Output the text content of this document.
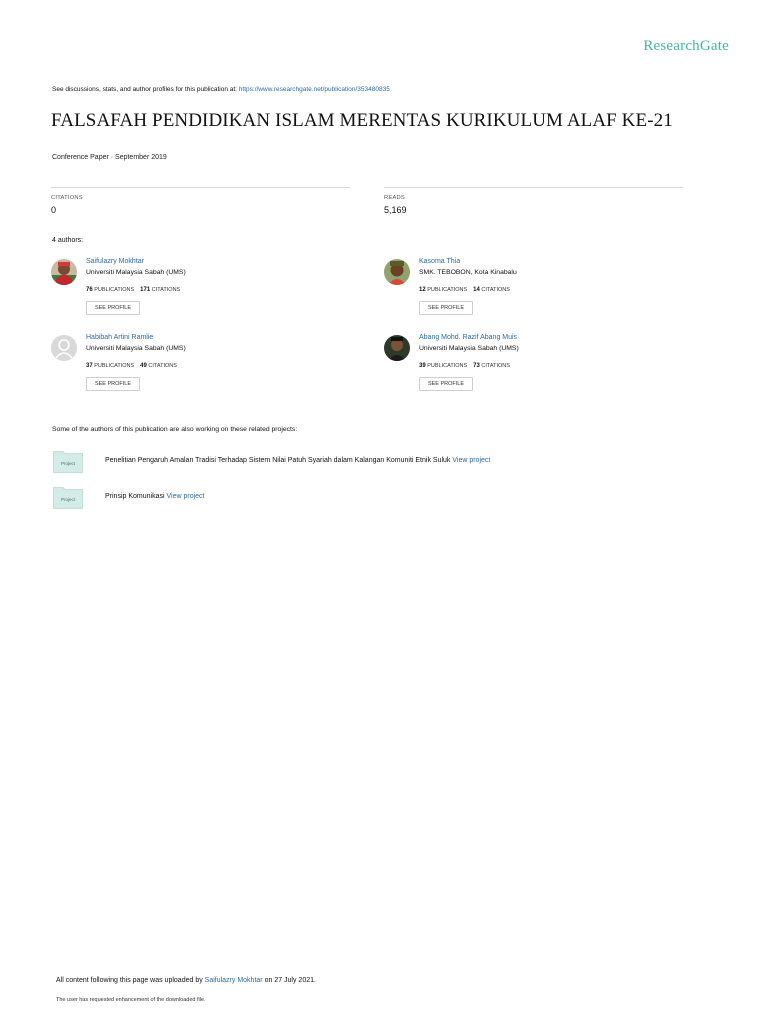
ResearchGate
See discussions, stats, and author profiles for this publication at: https://www.researchgate.net/publication/353480835
FALSAFAH PENDIDIKAN ISLAM MERENTAS KURIKULUM ALAF KE-21
Conference Paper · September 2019
CITATIONS
0
READS
5,169
4 authors:
Saifulazry Mokhtar
Universiti Malaysia Sabah (UMS)
76 PUBLICATIONS 171 CITATIONS
SEE PROFILE
Kasoma Thia
SMK. TEBOBON, Kota Kinabalu
12 PUBLICATIONS 14 CITATIONS
SEE PROFILE
Habibah Artini Ramlie
Universiti Malaysia Sabah (UMS)
37 PUBLICATIONS 49 CITATIONS
SEE PROFILE
Abang Mohd. Razif Abang Muis
Universiti Malaysia Sabah (UMS)
39 PUBLICATIONS 73 CITATIONS
SEE PROFILE
Some of the authors of this publication are also working on these related projects:
Project	Penelitian Pengaruh Amalan Tradisi Terhadap Sistem Nilai Patuh Syariah dalam Kalangan Komuniti Etnik Suluk View project
Project	Prinsip Komunikasi View project
All content following this page was uploaded by Saifulazry Mokhtar on 27 July 2021.
The user has requested enhancement of the downloaded file.
